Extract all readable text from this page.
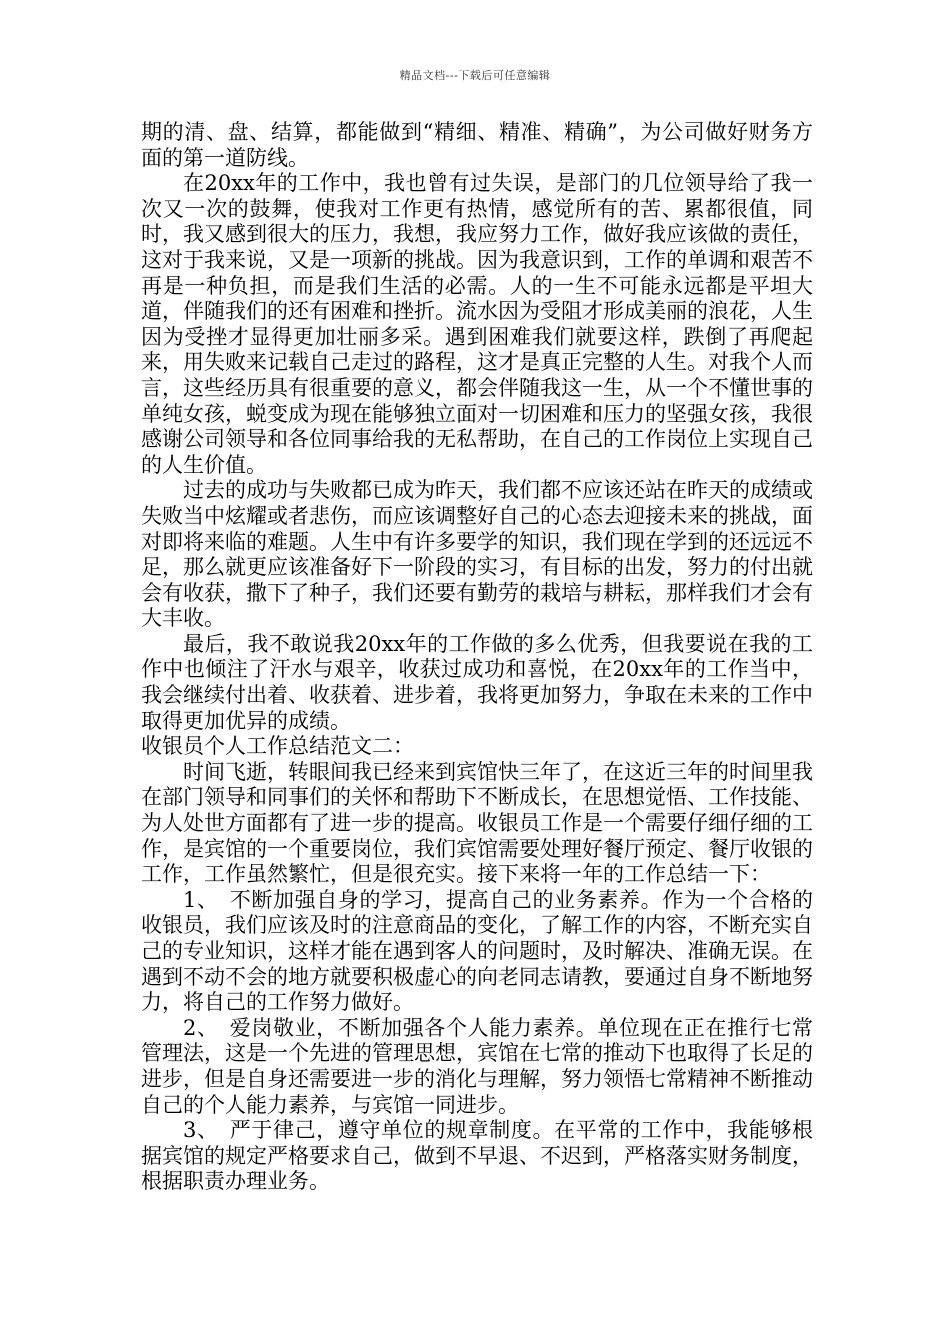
精品文档---下载后可任意编辑

期的清、盘、结算，都能做到“精细、精准、精确”，为公司做好财务方面的第一道防线。

在20xx年的工作中，我也曾有过失误，是部门的几位领导给了我一次又一次的鼓舞，使我对工作更有热情，感觉所有的苦、累都很值，同时，我又感到很大的压力，我想，我应努力工作，做好我应该做的责任，这对于我来说，又是一项新的挑战。因为我意识到，工作的单调和艰苦不再是一种负担，而是我们生活的必需。人的一生不可能永远都是平坦大道，伴随我们的还有困难和挫折。流水因为受阻才形成美丽的浪花，人生因为受挫才显得更加壮丽多采。遇到困难我们就要这样，跌倒了再爬起来，用失败来记载自己走过的路程，这才是真正完整的人生。对我个人而言，这些经历具有很重要的意义，都会伴随我这一生，从一个不懂世事的单纯女孩，蜕变成为现在能够独立面对一切困难和压力的坚强女孩，我很感谢公司领导和各位同事给我的无私帮助，在自己的工作岗位上实现自己的人生价值。

过去的成功与失败都已成为昨天，我们都不应该还站在昨天的成绩或失败当中炫耀或者悲伤，而应该调整好自己的心态去迎接未来的挑战，面对即将来临的难题。人生中有许多要学的知识，我们现在学到的还远远不足，那么就更应该准备好下一阶段的实习，有目标的出发，努力的付出就会有收获，撒下了种子，我们还要有勤劳的栽培与耕耘，那样我们才会有大丰收。

最后，我不敢说我20xx年的工作做的多么优秀，但我要说在我的工作中也倾注了汗水与艰辛，收获过成功和喜悦，在20xx年的工作当中，我会继续付出着、收获着、进步着，我将更加努力，争取在未来的工作中取得更加优异的成绩。

收银员个人工作总结范文二：

时间飞逝，转眼间我已经来到宾馆快三年了，在这近三年的时间里我在部门领导和同事们的关怀和帮助下不断成长，在思想觉悟、工作技能、为人处世方面都有了进一步的提高。收银员工作是一个需要仔细仔细的工作，是宾馆的一个重要岗位，我们宾馆需要处理好餐厅预定、餐厅收银的工作，工作虽然繁忙，但是很充实。接下来将一年的工作总结一下：

1、　不断加强自身的学习，提高自己的业务素养。作为一个合格的收银员，我们应该及时的注意商品的变化，了解工作的内容，不断充实自己的专业知识，这样才能在遇到客人的问题时，及时解决、准确无误。在遇到不动不会的地方就要积极虚心的向老同志请教，要通过自身不断地努力，将自己的工作努力做好。

2、　爱岗敬业，不断加强各个人能力素养。单位现在正在推行七常管理法，这是一个先进的管理思想，宾馆在七常的推动下也取得了长足的进步，但是自身还需要进一步的消化与理解，努力领悟七常精神不断推动自己的个人能力素养，与宾馆一同进步。

3、　严于律己，遵守单位的规章制度。在平常的工作中，我能够根据宾馆的规定严格要求自己，做到不早退、不迟到，严格落实财务制度，根据职责办理业务。
